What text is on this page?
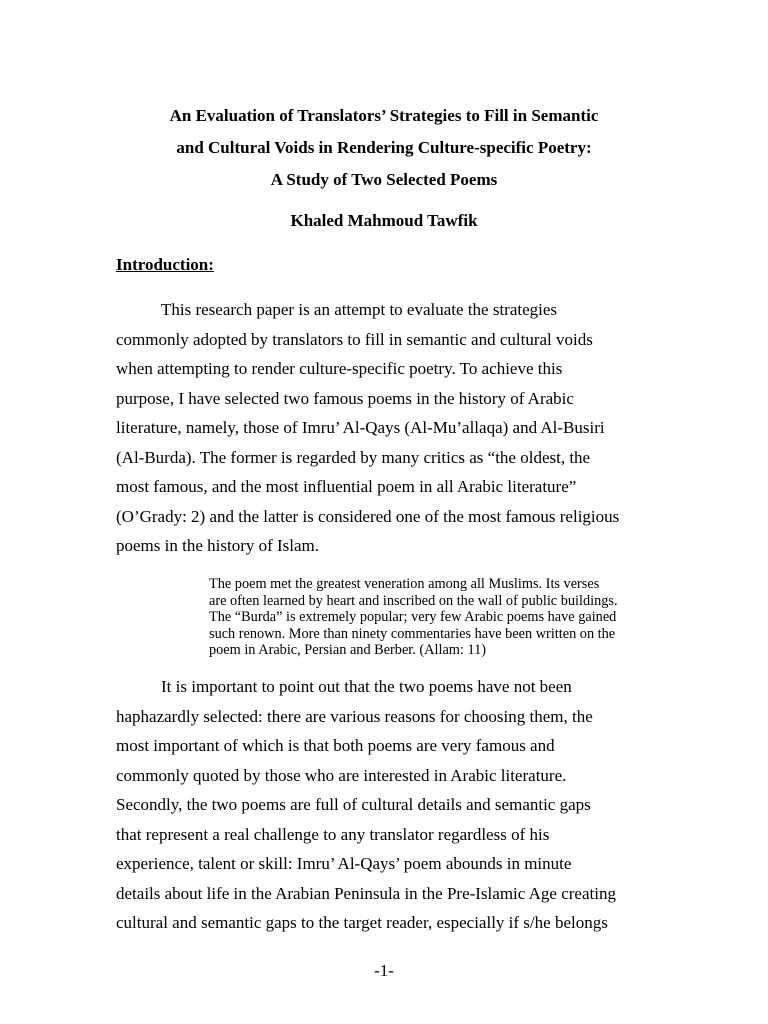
An Evaluation of Translators’ Strategies to Fill in Semantic
and Cultural Voids in Rendering Culture-specific Poetry:
A Study of Two Selected Poems
Khaled Mahmoud Tawfik
Introduction:
This research paper is an attempt to evaluate the strategies
commonly adopted by translators to fill in semantic and cultural voids
when attempting to render culture-specific poetry. To achieve this
purpose, I have selected two famous poems in the history of Arabic
literature, namely, those of Imru’ Al-Qays (Al-Mu’allaqa) and Al-Busiri
(Al-Burda). The former is regarded by many critics as “the oldest, the
most famous, and the most influential poem in all Arabic literature”
(O’Grady: 2) and the latter is considered one of the most famous religious
poems in the history of Islam.
The poem met the greatest veneration among all Muslims. Its verses
are often learned by heart and inscribed on the wall of public buildings.
The “Burda” is extremely popular; very few Arabic poems have gained
such renown. More than ninety commentaries have been written on the
poem in Arabic, Persian and Berber. (Allam: 11)
It is important to point out that the two poems have not been
haphazardly selected: there are various reasons for choosing them, the
most important of which is that both poems are very famous and
commonly quoted by those who are interested in Arabic literature.
Secondly, the two poems are full of cultural details and semantic gaps
that represent a real challenge to any translator regardless of his
experience, talent or skill: Imru’ Al-Qays’ poem abounds in minute
details about life in the Arabian Peninsula in the Pre-Islamic Age creating
cultural and semantic gaps to the target reader, especially if s/he belongs
-1-
